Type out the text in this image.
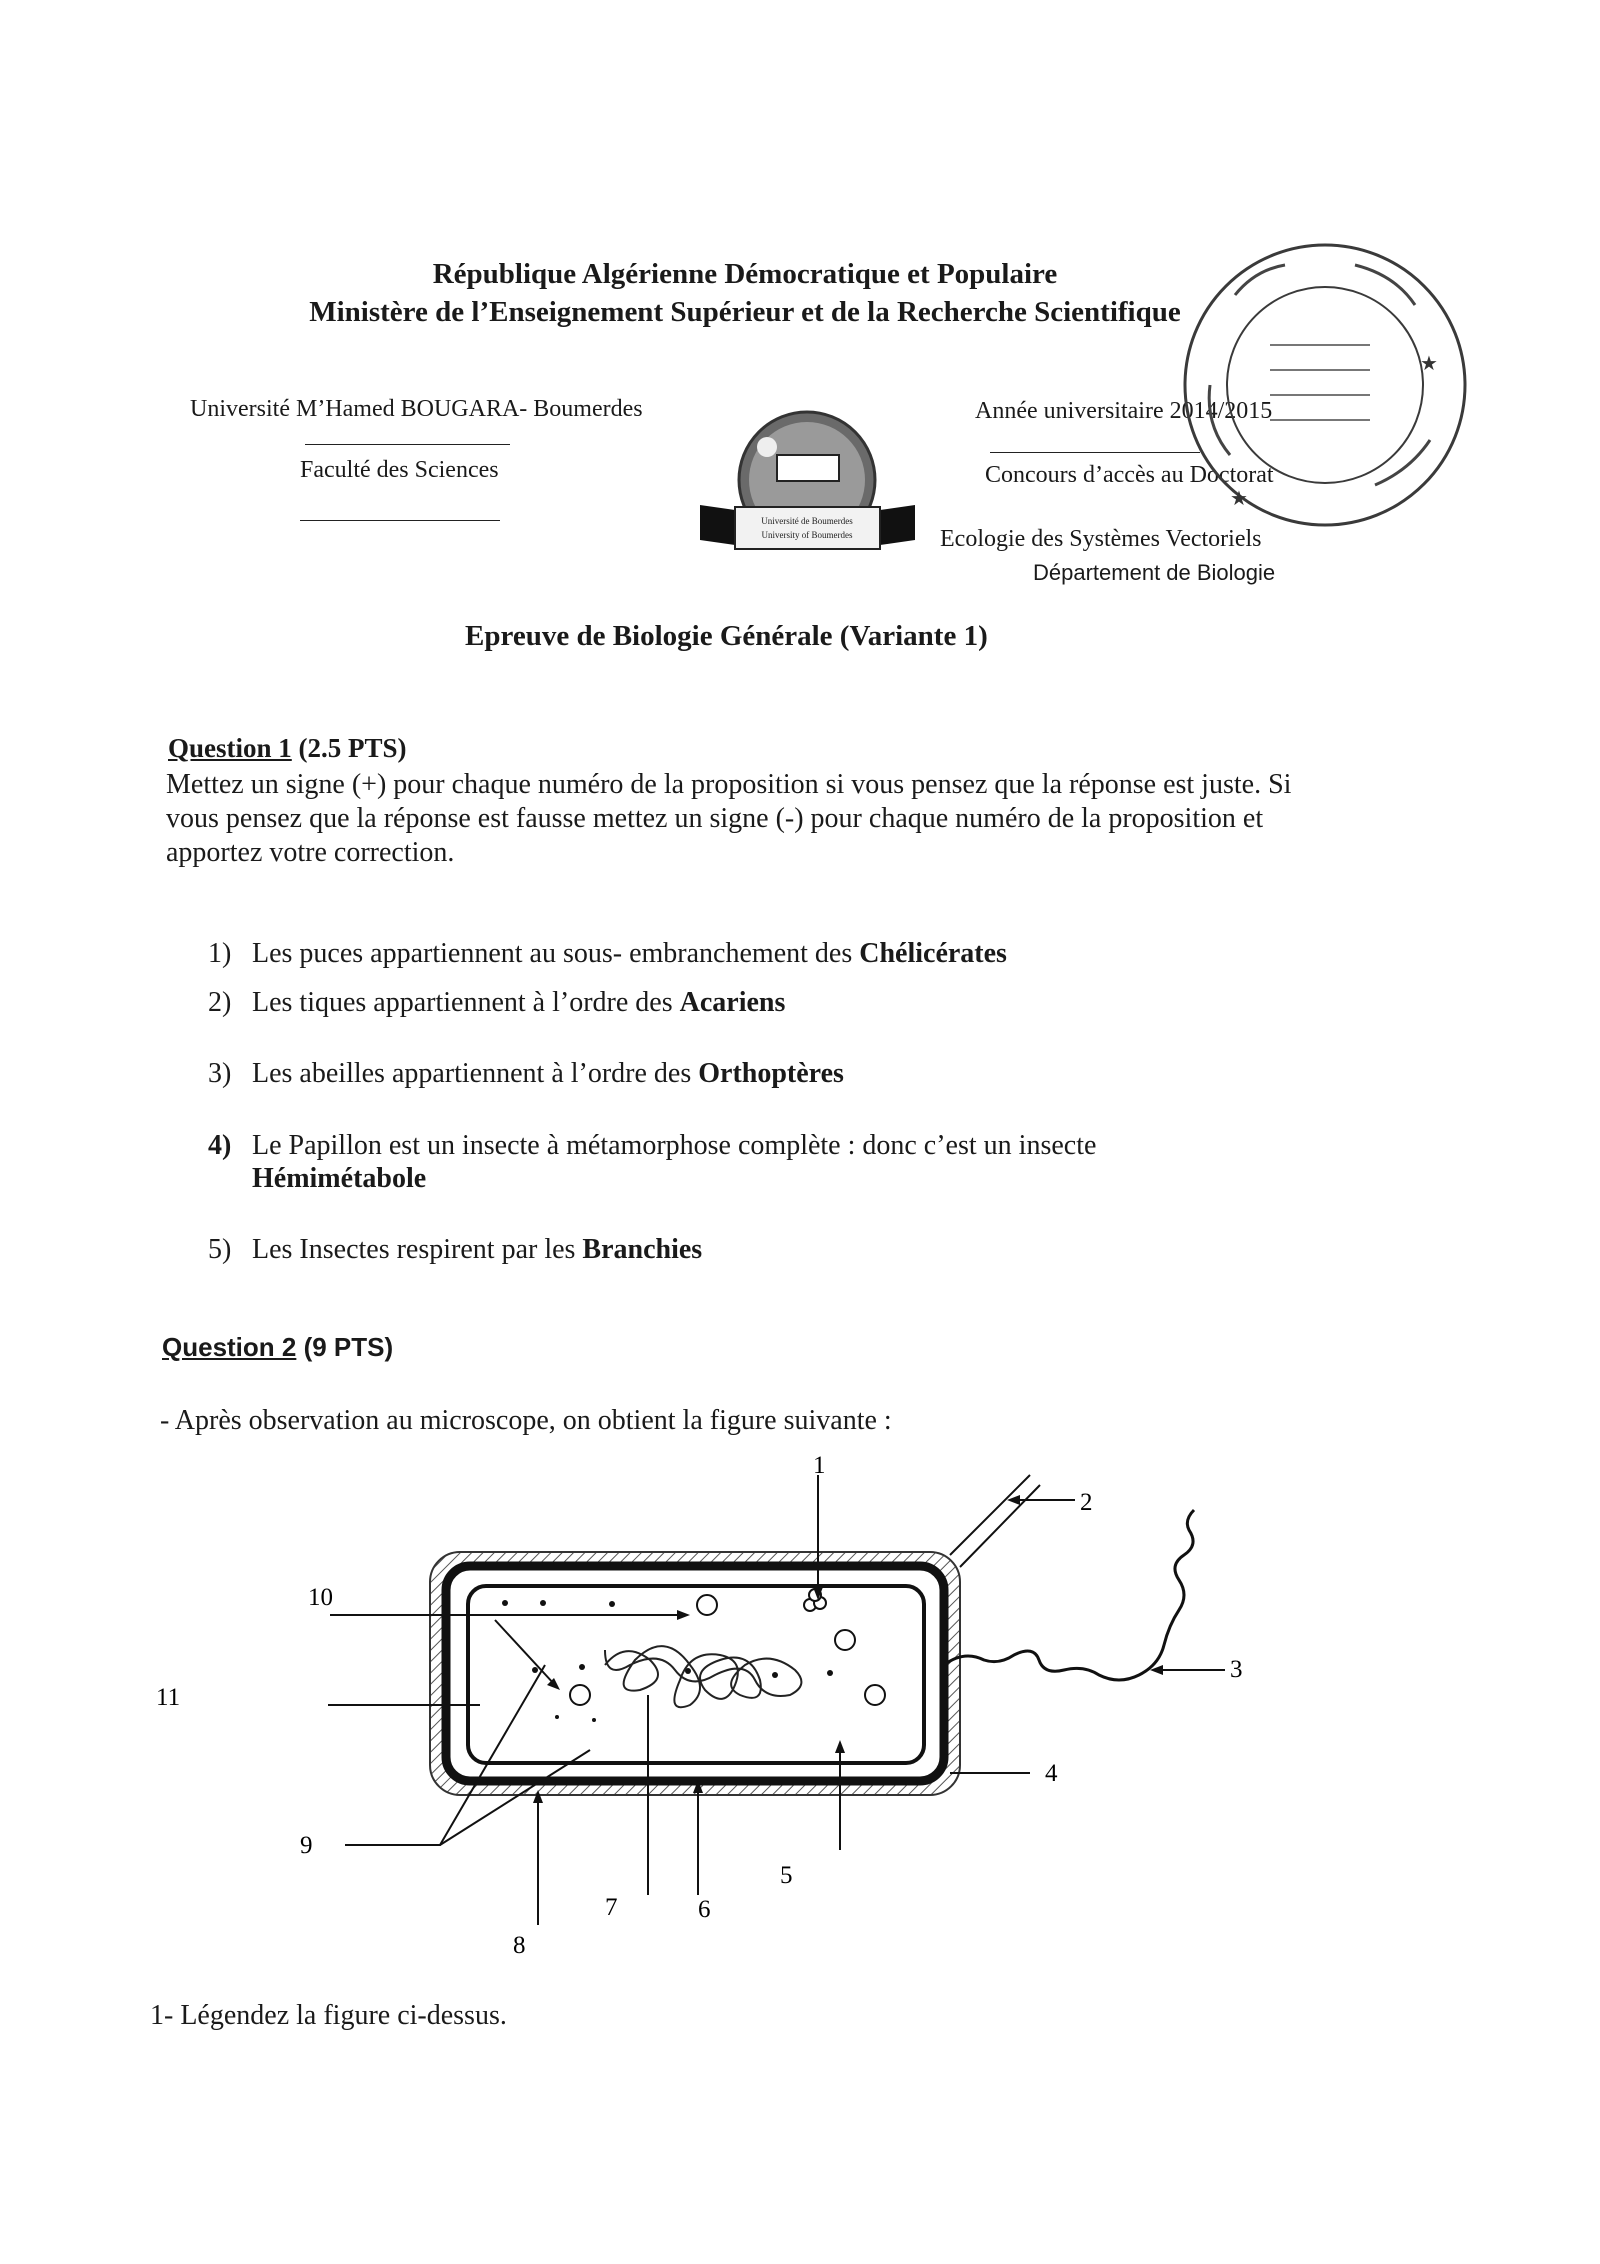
République Algérienne Démocratique et Populaire
Ministère de l’Enseignement Supérieur et de la Recherche Scientifique
Université M’Hamed BOUGARA- Boumerdes
Faculté des Sciences
Université de Boumerdes
University of Boumerdes
Année universitaire 2014/2015
Concours d’accès au Doctorat
Ecologie des Systèmes Vectoriels
Département de Biologie
★
★
Epreuve de Biologie Générale (Variante 1)
Question 1 (2.5 PTS)
Mettez un signe (+) pour chaque numéro de la proposition si vous pensez que la réponse est juste. Si vous pensez que la réponse est fausse mettez un signe (-) pour chaque numéro de la proposition et apportez votre correction.
1) Les puces appartiennent au sous- embranchement des Chélicérates
2) Les tiques appartiennent à l’ordre des Acariens
3) Les abeilles appartiennent à l’ordre des Orthoptères
4) Le Papillon est un insecte à métamorphose complète : donc c’est un insecte
Hémimétabole
5) Les Insectes respirent par les Branchies
Question 2 (9 PTS)
- Après observation au microscope, on obtient la figure suivante :
1
2
3
4
5
6
7
8
9
10
11
1- Légendez la figure ci-dessus.
